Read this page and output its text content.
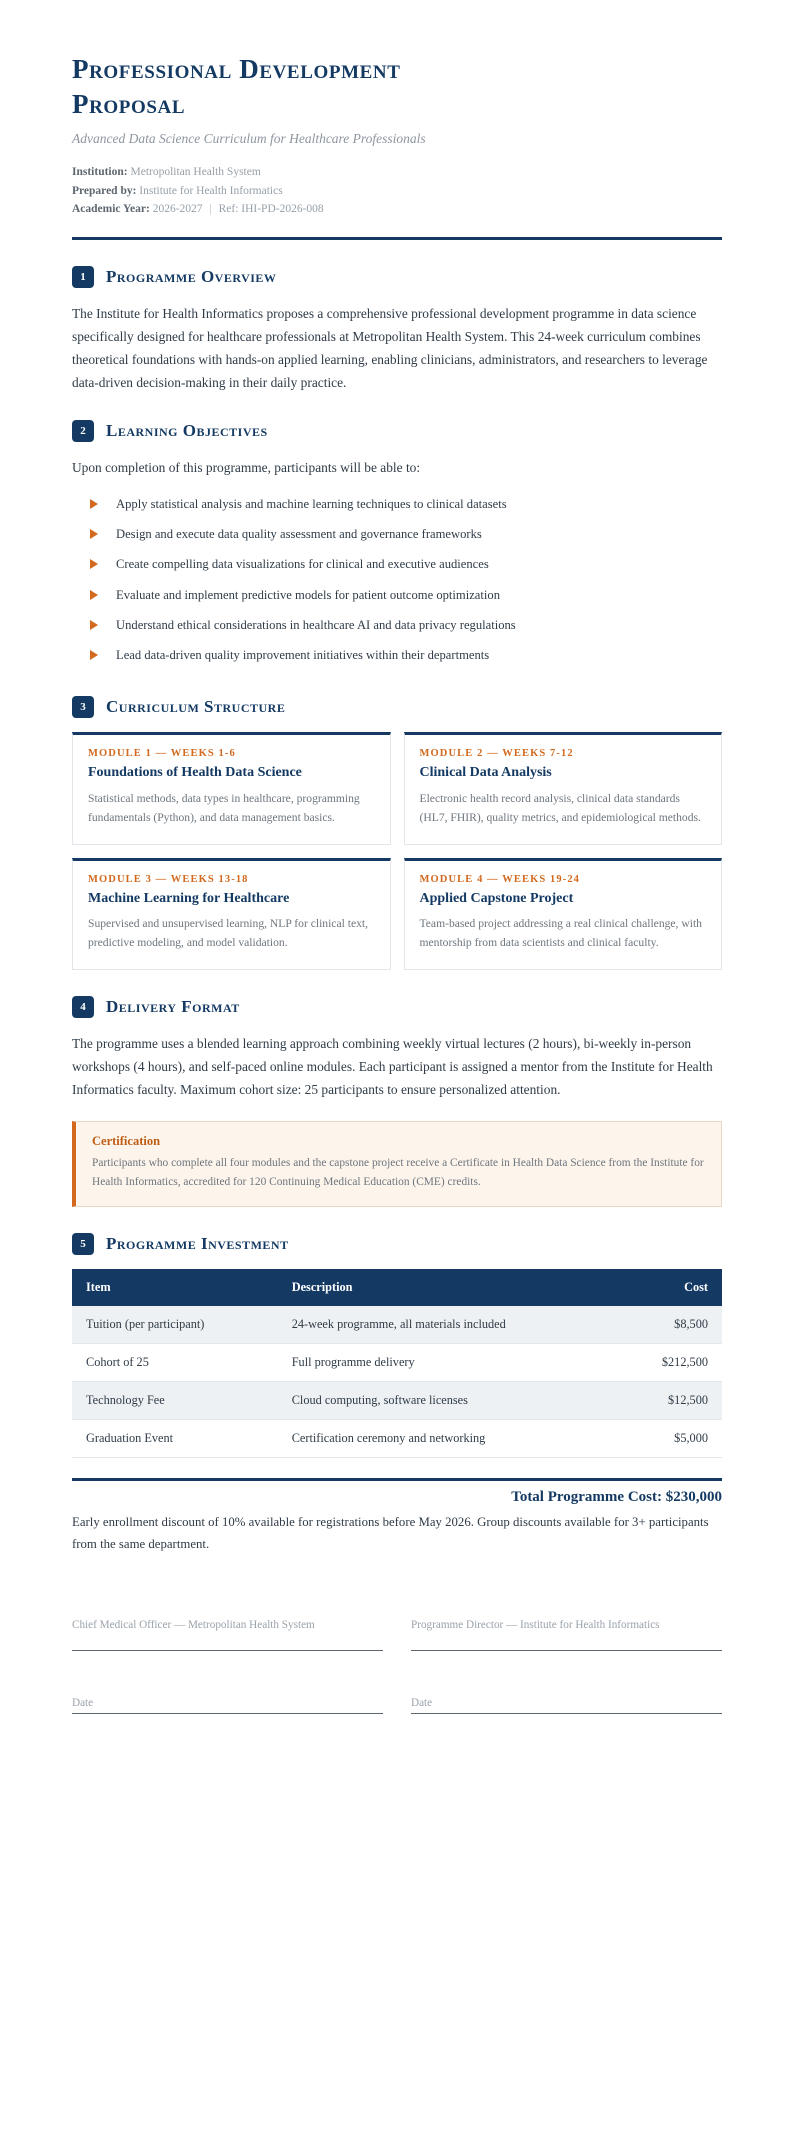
Professional Development Proposal
Advanced Data Science Curriculum for Healthcare Professionals
Institution: Metropolitan Health System
Prepared by: Institute for Health Informatics
Academic Year: 2026-2027 | Ref: IHI-PD-2026-008
1	Programme Overview

The Institute for Health Informatics proposes a comprehensive professional development programme in data science specifically designed for healthcare professionals at Metropolitan Health System. This 24-week curriculum combines theoretical foundations with hands-on applied learning, enabling clinicians, administrators, and researchers to leverage data-driven decision-making in their daily practice.

2	Learning Objectives

Upon completion of this programme, participants will be able to:

Apply statistical analysis and machine learning techniques to clinical datasets
Design and execute data quality assessment and governance frameworks
Create compelling data visualizations for clinical and executive audiences
Evaluate and implement predictive models for patient outcome optimization
Understand ethical considerations in healthcare AI and data privacy regulations
Lead data-driven quality improvement initiatives within their departments
3	Curriculum Structure
MODULE 1 — WEEKS 1-6
Foundations of Health Data Science
Statistical methods, data types in healthcare, programming fundamentals (Python), and data management basics.
MODULE 2 — WEEKS 7-12
Clinical Data Analysis
Electronic health record analysis, clinical data standards (HL7, FHIR), quality metrics, and epidemiological methods.
MODULE 3 — WEEKS 13-18
Machine Learning for Healthcare
Supervised and unsupervised learning, NLP for clinical text, predictive modeling, and model validation.
MODULE 4 — WEEKS 19-24
Applied Capstone Project
Team-based project addressing a real clinical challenge, with mentorship from data scientists and clinical faculty.
4	Delivery Format

The programme uses a blended learning approach combining weekly virtual lectures (2 hours), bi-weekly in-person workshops (4 hours), and self-paced online modules. Each participant is assigned a mentor from the Institute for Health Informatics faculty. Maximum cohort size: 25 participants to ensure personalized attention.

Certification
Participants who complete all four modules and the capstone project receive a Certificate in Health Data Science from the Institute for Health Informatics, accredited for 120 Continuing Medical Education (CME) credits.
5	Programme Investment
Item	Description	Cost
Tuition (per participant)	24-week programme, all materials included	$8,500
Cohort of 25	Full programme delivery	$212,500
Technology Fee	Cloud computing, software licenses	$12,500
Graduation Event	Certification ceremony and networking	$5,000
Total Programme Cost: $230,000
Early enrollment discount of 10% available for registrations before May 2026. Group discounts available for 3+ participants from the same department.
Chief Medical Officer — Metropolitan Health System
Date
Programme Director — Institute for Health Informatics
Date
